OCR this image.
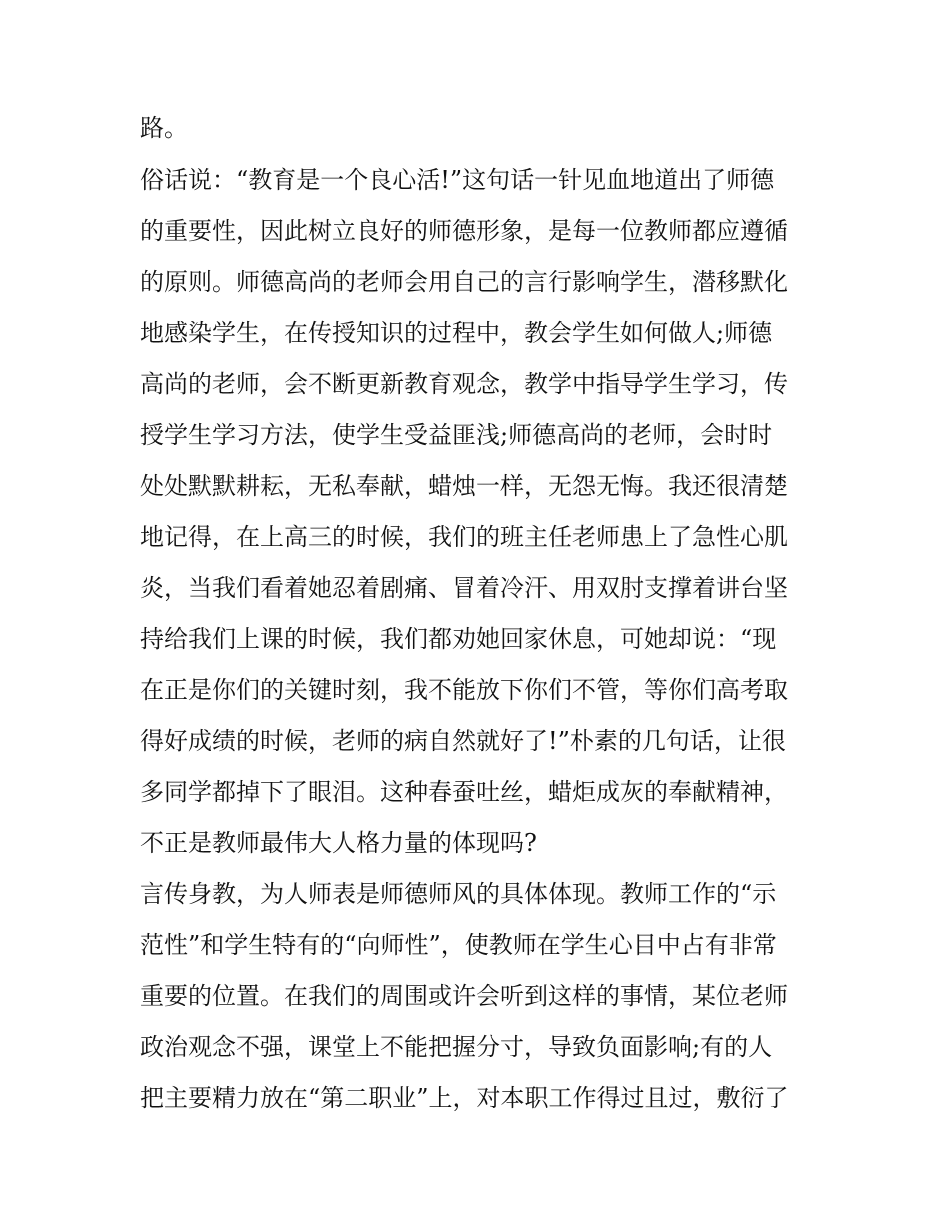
路。
俗话说：“教育是一个良心活!”这句话一针见血地道出了师德
的重要性，因此树立良好的师德形象，是每一位教师都应遵循
的原则。师德高尚的老师会用自己的言行影响学生，潜移默化
地感染学生，在传授知识的过程中，教会学生如何做人;师德
高尚的老师，会不断更新教育观念，教学中指导学生学习，传
授学生学习方法，使学生受益匪浅;师德高尚的老师，会时时
处处默默耕耘，无私奉献，蜡烛一样，无怨无悔。我还很清楚
地记得，在上高三的时候，我们的班主任老师患上了急性心肌
炎，当我们看着她忍着剧痛、冒着冷汗、用双肘支撑着讲台坚
持给我们上课的时候，我们都劝她回家休息，可她却说：“现
在正是你们的关键时刻，我不能放下你们不管，等你们高考取
得好成绩的时候，老师的病自然就好了!”朴素的几句话，让很
多同学都掉下了眼泪。这种春蚕吐丝，蜡炬成灰的奉献精神，
不正是教师最伟大人格力量的体现吗?
言传身教，为人师表是师德师风的具体体现。教师工作的“示
范性”和学生特有的“向师性”，使教师在学生心目中占有非常
重要的位置。在我们的周围或许会听到这样的事情，某位老师
政治观念不强，课堂上不能把握分寸，导致负面影响;有的人
把主要精力放在“第二职业”上，对本职工作得过且过，敷衍了
